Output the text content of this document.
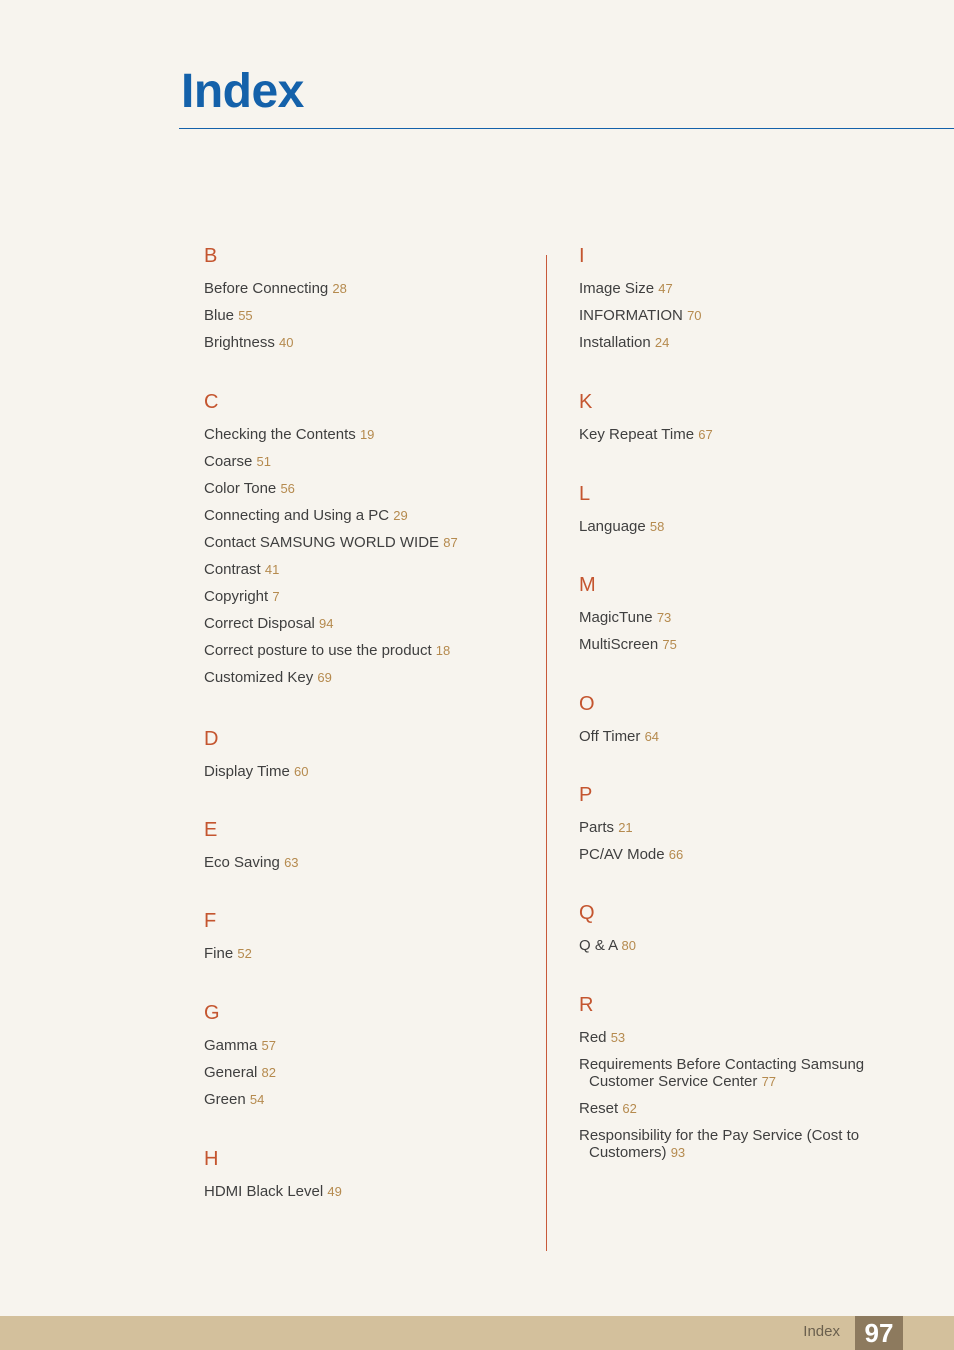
Index
B
Before Connecting 28
Blue 55
Brightness 40
C
Checking the Contents 19
Coarse 51
Color Tone 56
Connecting and Using a PC 29
Contact SAMSUNG WORLD WIDE 87
Contrast 41
Copyright 7
Correct Disposal 94
Correct posture to use the product 18
Customized Key 69
D
Display Time 60
E
Eco Saving 63
F
Fine 52
G
Gamma 57
General 82
Green 54
H
HDMI Black Level 49
I
Image Size 47
INFORMATION 70
Installation 24
K
Key Repeat Time 67
L
Language 58
M
MagicTune 73
MultiScreen 75
O
Off Timer 64
P
Parts 21
PC/AV Mode 66
Q
Q & A 80
R
Red 53
Requirements Before Contacting Samsung
Customer Service Center 77
Reset 62
Responsibility for the Pay Service (Cost to
Customers) 93
Index 97
